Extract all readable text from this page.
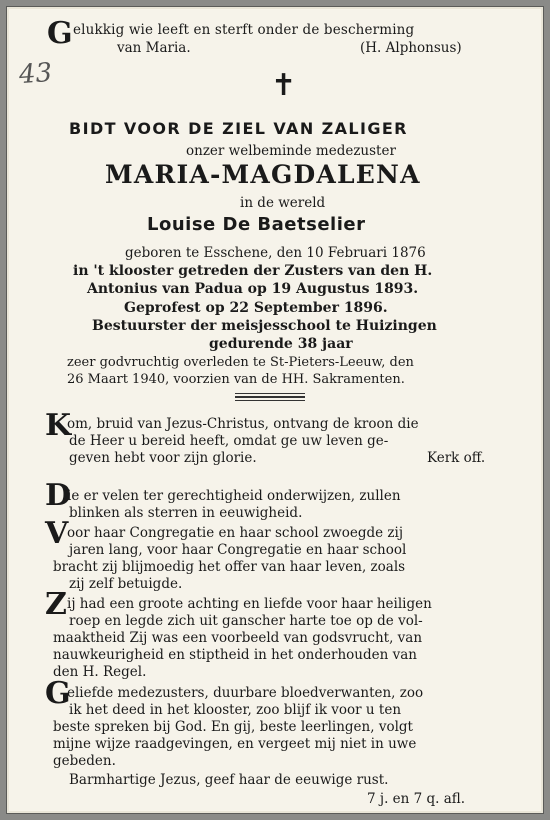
G elukkig wie leeft en sterft onder de bescherming
van Maria.	(H. Alphonsus)
43	✝
BIDT VOOR DE ZIEL VAN ZALIGER
onzer welbeminde medezuster
MARIA-MAGDALENA
in de wereld
Louise De Baetselier
geboren te Esschene, den 10 Februari 1876
in 't klooster getreden der Zusters van den H.
Antonius van Padua op 19 Augustus 1893.
Geprofest op 22 September 1896.
Bestuurster der meisjesschool te Huizingen
gedurende 38 jaar
zeer godvruchtig overleden te St-Pieters-Leeuw, den
26 Maart 1940, voorzien van de HH. Sakramenten.
K
om, bruid van Jezus-Christus, ontvang de kroon die
de Heer u bereid heeft, omdat ge uw leven ge-
geven hebt voor zijn glorie.	Kerk off.
D
ie er velen ter gerechtigheid onderwijzen, zullen
blinken als sterren in eeuwigheid.
V
oor haar Congregatie en haar school zwoegde zij
jaren lang, voor haar Congregatie en haar school
bracht zij blijmoedig het offer van haar leven, zoals
zij zelf betuigde.
Z ij had een groote achting en liefde voor haar heiligen
roep en legde zich uit ganscher harte toe op de vol-
maaktheid Zij was een voorbeeld van godsvrucht, van
nauwkeurigheid en stiptheid in het onderhouden van
den H. Regel.
G
eliefde medezusters, duurbare bloedverwanten, zoo
ik het deed in het klooster, zoo blijf ik voor u ten
beste spreken bij God. En gij, beste leerlingen, volgt
mijne wijze raadgevingen, en vergeet mij niet in uwe
gebeden.
Barmhartige Jezus, geef haar de eeuwige rust.
7 j. en 7 q. afl.
